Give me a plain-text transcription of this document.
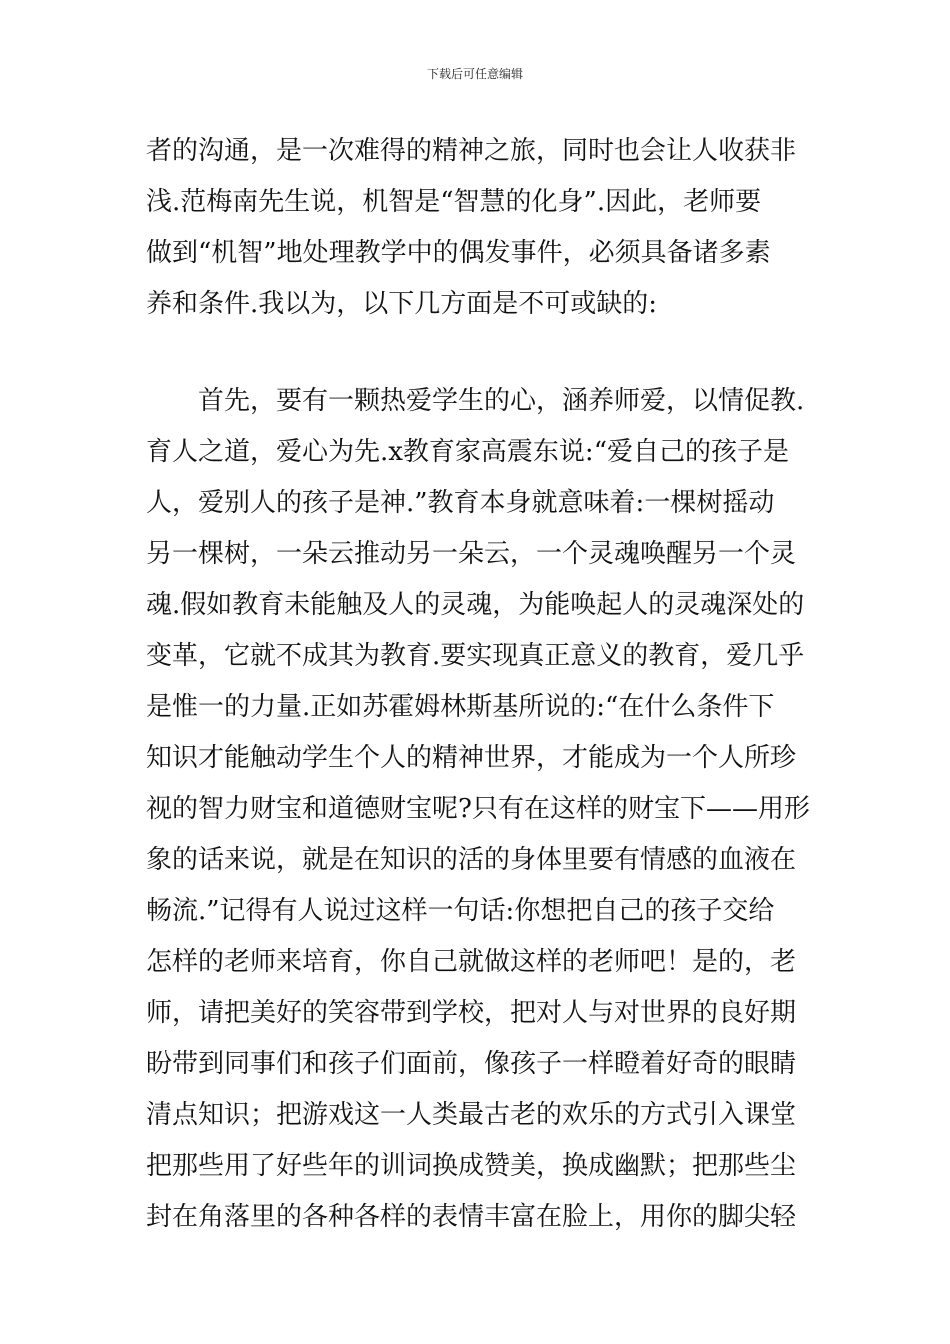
下载后可任意编辑
者的沟通，是一次难得的精神之旅，同时也会让人收获非
浅.范梅南先生说，机智是“智慧的化身”.因此，老师要
做到“机智”地处理教学中的偶发事件，必须具备诸多素
养和条件.我以为，以下几方面是不可或缺的:
　　首先，要有一颗热爱学生的心，涵养师爱，以情促教.
育人之道，爱心为先.x教育家高震东说:“爱自己的孩子是
人，爱别人的孩子是神.”教育本身就意味着:一棵树摇动
另一棵树，一朵云推动另一朵云，一个灵魂唤醒另一个灵
魂.假如教育未能触及人的灵魂，为能唤起人的灵魂深处的
变革，它就不成其为教育.要实现真正意义的教育，爱几乎
是惟一的力量.正如苏霍姆林斯基所说的:“在什么条件下
知识才能触动学生个人的精神世界，才能成为一个人所珍
视的智力财宝和道德财宝呢?只有在这样的财宝下——用形
象的话来说，就是在知识的活的身体里要有情感的血液在
畅流.”记得有人说过这样一句话:你想把自己的孩子交给
怎样的老师来培育，你自己就做这样的老师吧！是的，老
师，请把美好的笑容带到学校，把对人与对世界的良好期
盼带到同事们和孩子们面前，像孩子一样瞪着好奇的眼睛
清点知识；把游戏这一人类最古老的欢乐的方式引入课堂
把那些用了好些年的训词换成赞美，换成幽默；把那些尘
封在角落里的各种各样的表情丰富在脸上，用你的脚尖轻
